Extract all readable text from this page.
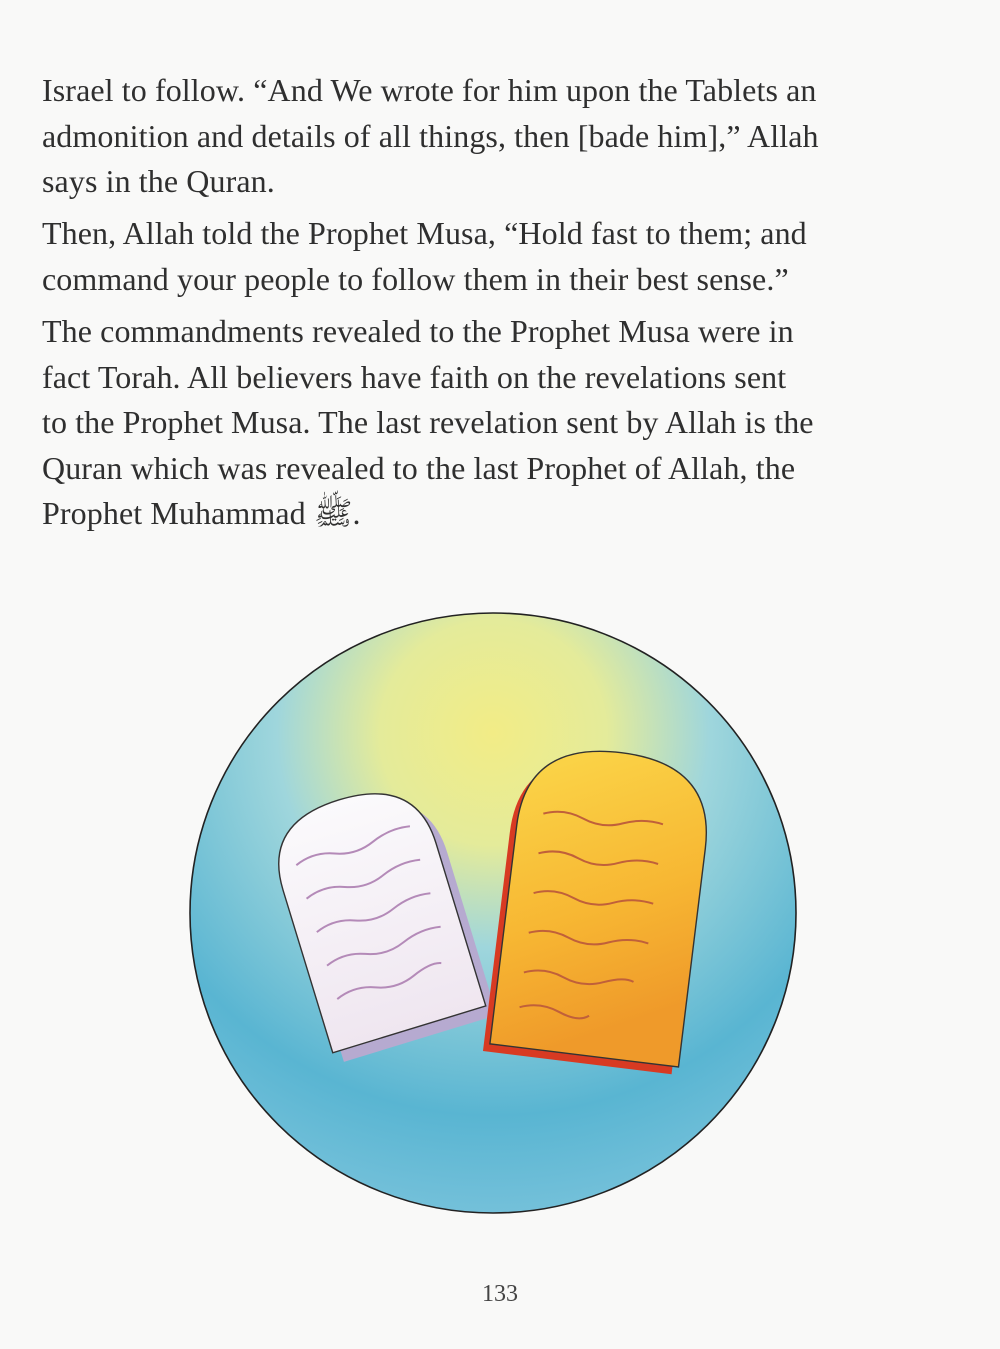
Israel to follow. “And We wrote for him upon the Tablets an
admonition and details of all things, then [bade him],” Allah
says in the Quran.
Then, Allah told the Prophet Musa, “Hold fast to them; and
command your people to follow them in their best sense.”
The commandments revealed to the Prophet Musa were in
fact Torah. All believers have faith on the revelations sent
to the Prophet Musa. The last revelation sent by Allah is the
Quran which was revealed to the last Prophet of Allah, the
Prophet Muhammad ﷺ.
133
